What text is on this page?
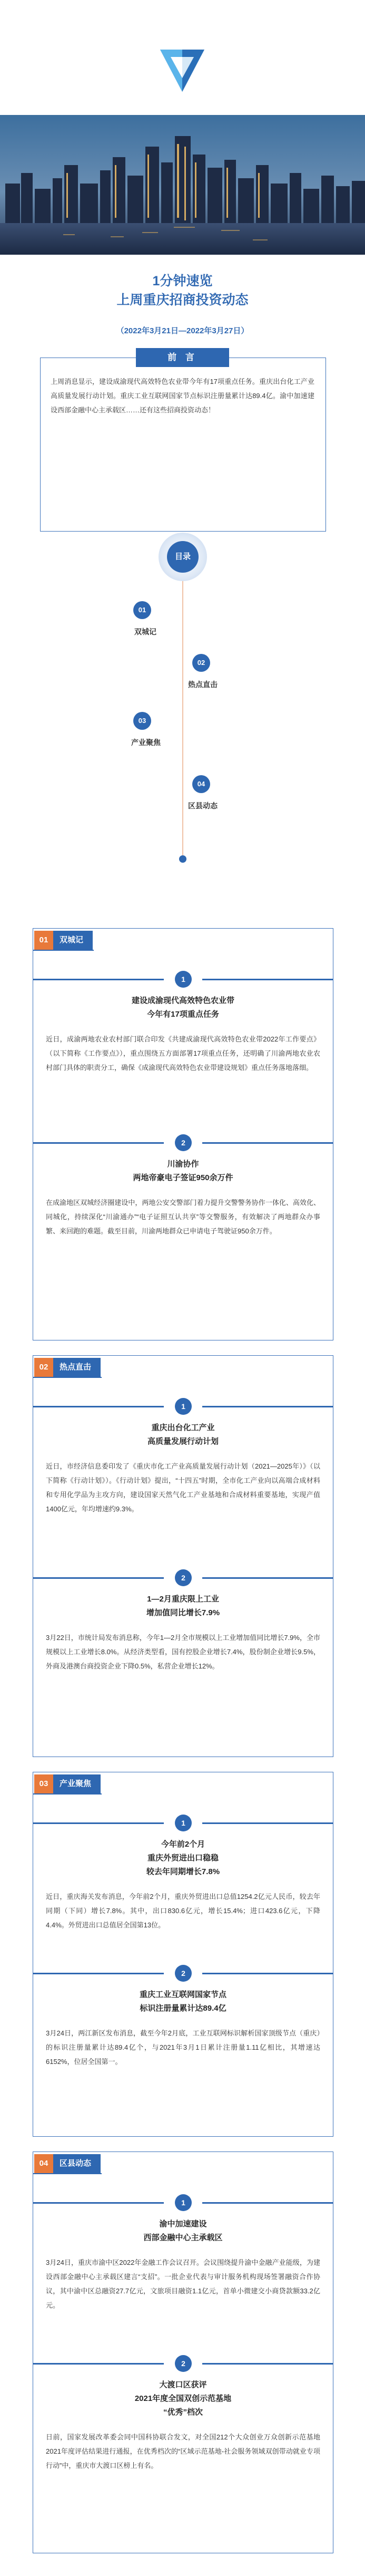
1分钟速览
上周重庆招商投资动态
（2022年3月21日—2022年3月27日）
前 言
上周消息显示，建设成渝现代高效特色农业带今年有17项重点任务。重庆出台化工产业高质量发展行动计划。重庆工业互联网国家节点标识注册量累计达89.4亿。渝中加速建设西部金融中心主承载区……还有这些招商投资动态！
目录
01
双城记
02
热点直击
03
产业聚焦
04
区县动态
01	双城记
1
建设成渝现代高效特色农业带
今年有17项重点任务
近日，成渝两地农业农村部门联合印发《共建成渝现代高效特色农业带2022年工作要点》（以下简称《工作要点》），重点围绕五方面部署17项重点任务，还明确了川渝两地农业农村部门具体的职责分工，确保《成渝现代高效特色农业带建设规划》重点任务落地落细。
2
川渝协作
两地帝豪电子签证950余万件
在成渝地区双城经济圈建设中，两地公安交警部门着力提升交警警务协作一体化、高效化、同城化，持续深化“川渝通办”“电子证照互认共享”等交警服务，有效解决了两地群众办事繁、来回跑的难题。截至目前，川渝两地群众已申请电子驾驶证950余万件。
02	热点直击
1
重庆出台化工产业
高质量发展行动计划
近日，市经济信息委印发了《重庆市化工产业高质量发展行动计划（2021—2025年）》（以下简称《行动计划》）。《行动计划》提出，“十四五”时期，全市化工产业向以高端合成材料和专用化学品为主攻方向，建设国家天然气化工产业基地和合成材料重要基地，实现产值1400亿元，年均增速约9.3%。
2
1—2月重庆限上工业
增加值同比增长7.9%
3月22日，市统计局发布消息称，今年1—2月全市规模以上工业增加值同比增长7.9%，全市规模以上工业增长8.0%。从经济类型看，国有控股企业增长7.4%，股份制企业增长9.5%，外商及港澳台商投资企业下降0.5%，私营企业增长12%。
03	产业聚焦
1
今年前2个月
重庆外贸进出口稳稳
较去年同期增长7.8%
近日，重庆海关发布消息，今年前2个月，重庆外贸进出口总值1254.2亿元人民币，较去年同期（下同）增长7.8%。其中，出口830.6亿元，增长15.4%；进口423.6亿元，下降4.4%。外贸进出口总值居全国第13位。
2
重庆工业互联网国家节点
标识注册量累计达89.4亿
3月24日，两江新区发布消息，截至今年2月底，工业互联网标识解析国家顶级节点（重庆）的标识注册量累计达89.4亿个，与2021年3月1日累计注册量1.11亿相比，其增速达6152%，位居全国第一。
04	区县动态
1
渝中加速建设
西部金融中心主承载区
3月24日，重庆市渝中区2022年金融工作会议召开。会议围绕提升渝中金融产业能级，为建设西部金融中心主承载区建言“支招”。一批企业代表与审计服务机构现场签署融资合作协议，其中渝中区总融资27.7亿元，文旅项目融资1.1亿元，首单小微建交小商贷款额33.2亿元。
2
大渡口区获评
2021年度全国双创示范基地
“优秀”档次
日前，国家发展改革委会同中国科协联合发文，对全国212个大众创业万众创新示范基地2021年度评估结果进行通报，在优秀档次的“区域示范基地-社会服务领域双创带动就业专项行动”中，重庆市大渡口区榜上有名。
